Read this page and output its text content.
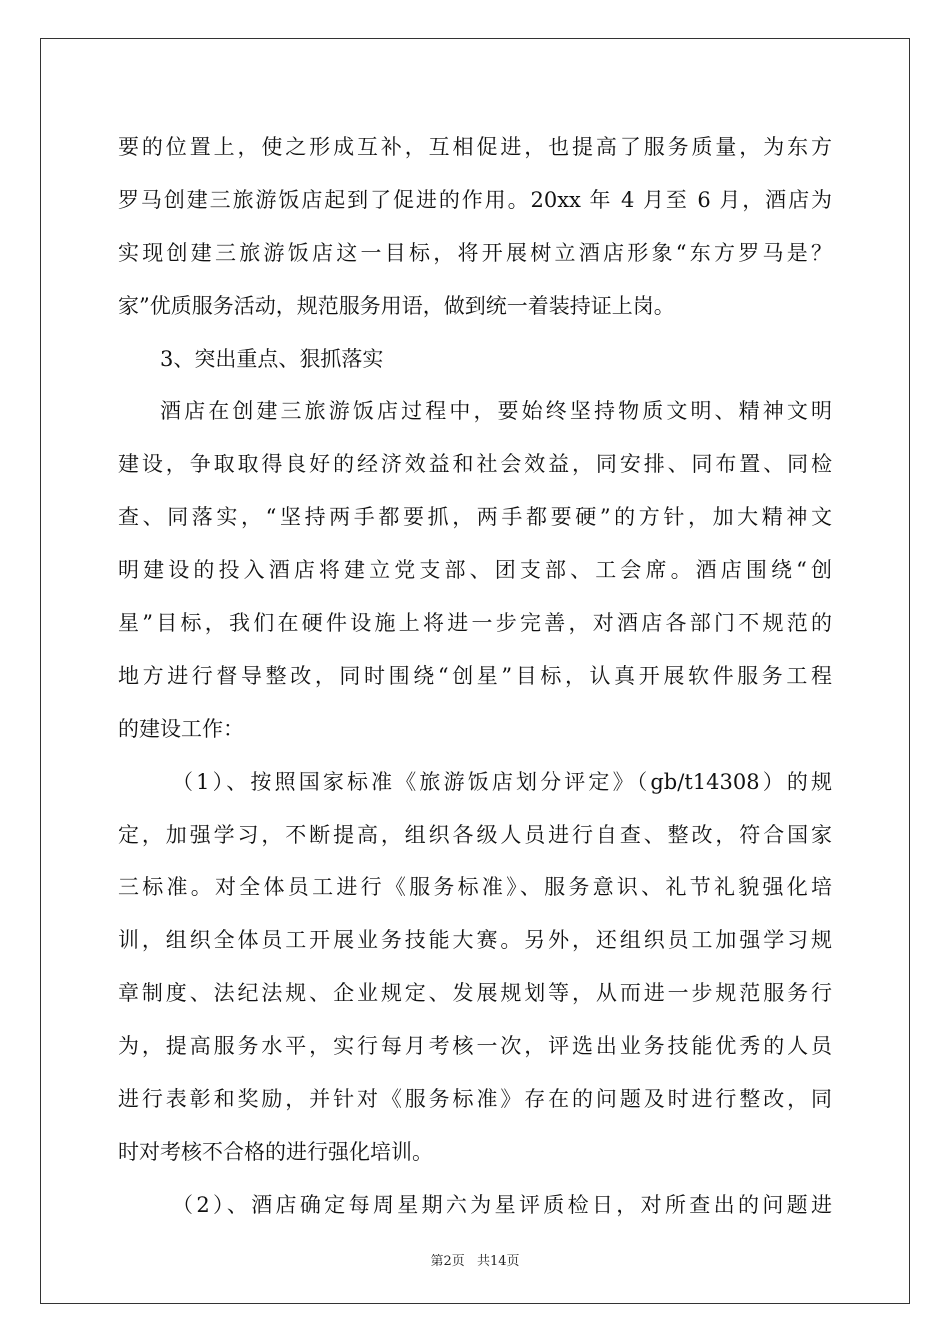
要的位置上，使之形成互补，互相促进，也提高了服务质量，为东方
罗马创建三旅游饭店起到了促进的作用。20xx 年 4 月至 6 月，酒店为
实现创建三旅游饭店这一目标，将开展树立酒店形象“东方罗马是？
家”优质服务活动，规范服务用语，做到统一着装持证上岗。
3、突出重点、狠抓落实
酒店在创建三旅游饭店过程中，要始终坚持物质文明、精神文明
建设，争取取得良好的经济效益和社会效益，同安排、同布置、同检
查、同落实，“坚持两手都要抓，两手都要硬”的方针，加大精神文
明建设的投入酒店将建立党支部、团支部、工会席。酒店围绕“创
星”目标，我们在硬件设施上将进一步完善，对酒店各部门不规范的
地方进行督导整改，同时围绕“创星”目标，认真开展软件服务工程
的建设工作：
（1）、按照国家标准《旅游饭店划分评定》（gb/t14308）的规
定，加强学习，不断提高，组织各级人员进行自查、整改，符合国家
三标准。对全体员工进行《服务标准》、服务意识、礼节礼貌强化培
训，组织全体员工开展业务技能大赛。另外，还组织员工加强学习规
章制度、法纪法规、企业规定、发展规划等，从而进一步规范服务行
为，提高服务水平，实行每月考核一次，评选出业务技能优秀的人员
进行表彰和奖励，并针对《服务标准》存在的问题及时进行整改，同
时对考核不合格的进行强化培训。
（2）、酒店确定每周星期六为星评质检日，对所查出的问题进
第2页 共14页
